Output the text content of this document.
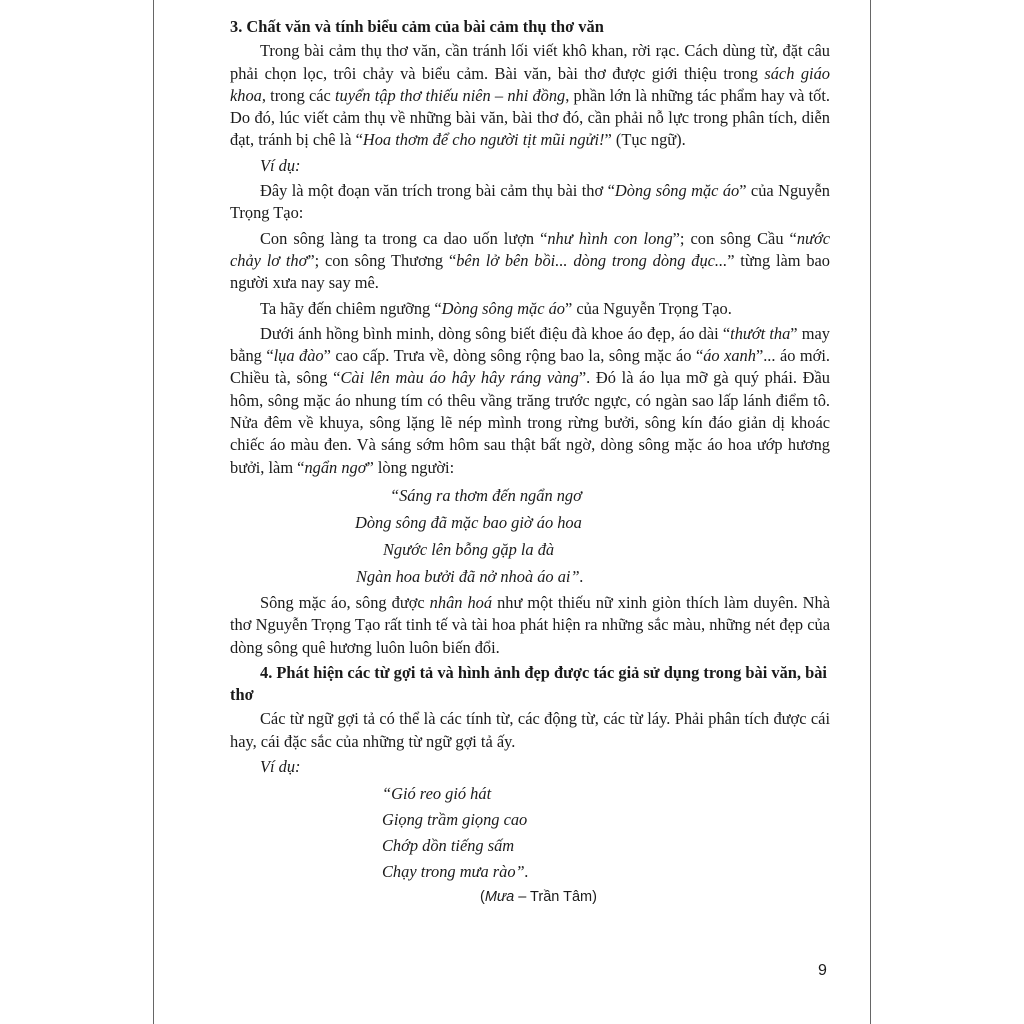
3. Chất văn và tính biểu cảm của bài cảm thụ thơ văn

Trong bài cảm thụ thơ văn, cần tránh lối viết khô khan, rời rạc. Cách dùng từ, đặt câu phải chọn lọc, trôi chảy và biểu cảm. Bài văn, bài thơ được giới thiệu trong sách giáo khoa, trong các tuyển tập thơ thiếu niên – nhi đồng, phần lớn là những tác phẩm hay và tốt. Do đó, lúc viết cảm thụ về những bài văn, bài thơ đó, cần phải nỗ lực trong phân tích, diễn đạt, tránh bị chê là “Hoa thơm để cho người tịt mũi ngửi!” (Tục ngữ).

Ví dụ:

Đây là một đoạn văn trích trong bài cảm thụ bài thơ “Dòng sông mặc áo” của Nguyễn Trọng Tạo:

Con sông làng ta trong ca dao uốn lượn “như hình con long”; con sông Cầu “nước chảy lơ thơ”; con sông Thương “bên lở bên bồi... dòng trong dòng đục...” từng làm bao người xưa nay say mê.

Ta hãy đến chiêm ngưỡng “Dòng sông mặc áo” của Nguyễn Trọng Tạo.

Dưới ánh hồng bình minh, dòng sông biết điệu đà khoe áo đẹp, áo dài “thướt tha” may bằng “lụa đào” cao cấp. Trưa về, dòng sông rộng bao la, sông mặc áo “áo xanh”... áo mới. Chiều tà, sông “Cài lên màu áo hây hây ráng vàng”. Đó là áo lụa mỡ gà quý phái. Đầu hôm, sông mặc áo nhung tím có thêu vầng trăng trước ngực, có ngàn sao lấp lánh điểm tô. Nửa đêm về khuya, sông lặng lẽ nép mình trong rừng bưởi, sông kín đáo giản dị khoác chiếc áo màu đen. Và sáng sớm hôm sau thật bất ngờ, dòng sông mặc áo hoa ướp hương bưởi, làm “ngẩn ngơ” lòng người:

“Sáng ra thơm đến ngẩn ngơ
Dòng sông đã mặc bao giờ áo hoa
Ngước lên bỗng gặp la đà
Ngàn hoa bưởi đã nở nhoà áo ai”.

Sông mặc áo, sông được nhân hoá như một thiếu nữ xinh giòn thích làm duyên. Nhà thơ Nguyễn Trọng Tạo rất tinh tế và tài hoa phát hiện ra những sắc màu, những nét đẹp của dòng sông quê hương luôn luôn biến đổi.

4. Phát hiện các từ gợi tả và hình ảnh đẹp được tác giả sử dụng trong bài văn, bài thơ

Các từ ngữ gợi tả có thể là các tính từ, các động từ, các từ láy. Phải phân tích được cái hay, cái đặc sắc của những từ ngữ gợi tả ấy.

Ví dụ:

“Gió reo gió hát
Giọng trầm giọng cao
Chớp dồn tiếng sấm
Chạy trong mưa rào”.
(Mưa – Trần Tâm)
9
